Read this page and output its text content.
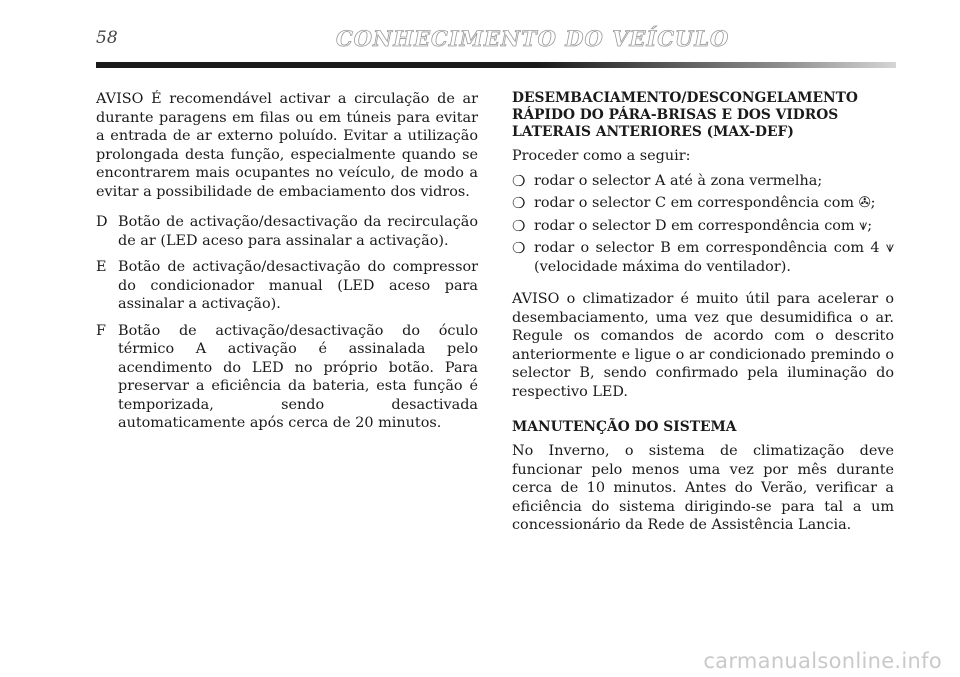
58	CONHECIMENTO DO VEÍCULO

AVISO É recomendável activar a circulação de ar durante paragens em filas ou em túneis para evitar a entrada de ar externo poluído. Evitar a utilização prolongada desta função, especialmente quando se encontrarem mais ocupantes no veículo, de modo a evitar a possibilidade de embaciamento dos vidros.

D Botão de activação/desactivação da recirculação de ar (LED aceso para assinalar a activação).
E Botão de activação/desactivação do compressor do condicionador manual (LED aceso para assinalar a activação).
F Botão de activação/desactivação do óculo térmico A activação é assinalada pelo acendimento do LED no próprio botão. Para preservar a eficiência da bateria, esta função é temporizada, sendo desactivada automaticamente após cerca de 20 minutos.

DESEMBACIAMENTO/DESCONGELAMENTO RÁPIDO DO PÁRA-BRISAS E DOS VIDROS LATERAIS ANTERIORES (MAX-DEF)

Proceder como a seguir:

❍ rodar o selector A até à zona vermelha;
❍ rodar o selector C em correspondência com ✇;
❍ rodar o selector D em correspondência com ⩛;
❍ rodar o selector B em correspondência com 4 ⩛ (velocidade máxima do ventilador).

AVISO o climatizador é muito útil para acelerar o desembaciamento, uma vez que desumidifica o ar. Regule os comandos de acordo com o descrito anteriormente e ligue o ar condicionado premindo o selector B, sendo confirmado pela iluminação do respectivo LED.

MANUTENÇÃO DO SISTEMA

No Inverno, o sistema de climatização deve funcionar pelo menos uma vez por mês durante cerca de 10 minutos. Antes do Verão, verificar a eficiência do sistema dirigindo-se para tal a um concessionário da Rede de Assistência Lancia.

carmanualsonline.info
